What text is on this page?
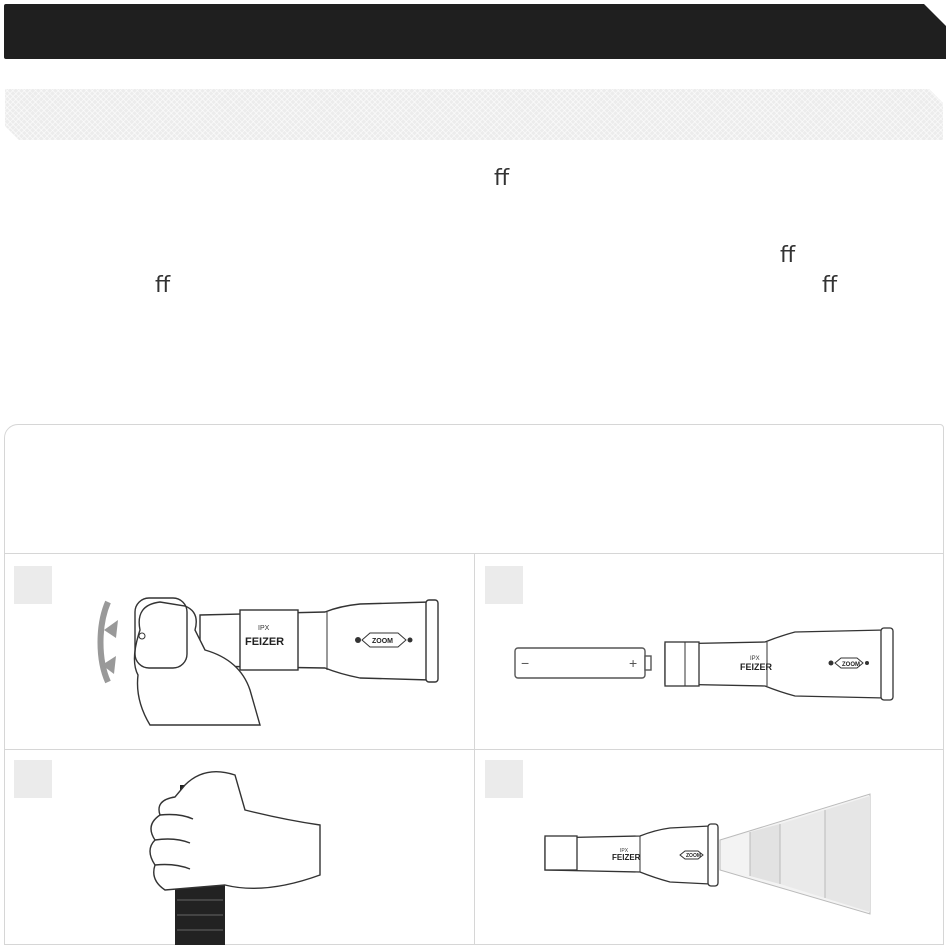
ﬀ
ﬀ
ﬀ	ﬀ
IPX
FEIZER	ZOOM
−	+	IPX
FEIZER	ZOOM
IPX
FEIZER	ZOOM
